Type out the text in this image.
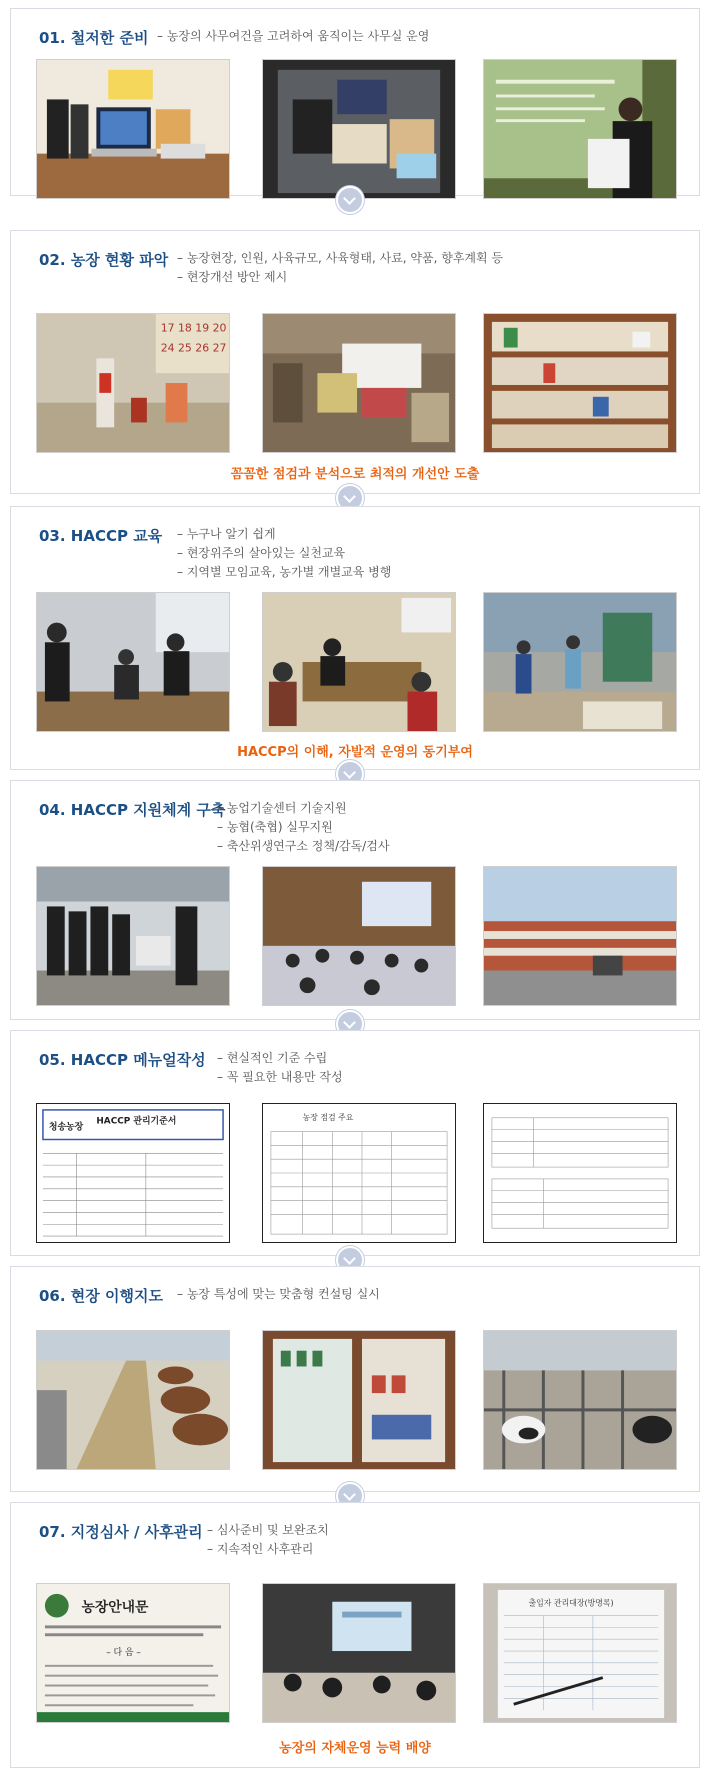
01. 철저한 준비 – 농장의 사무여건을 고려하여 움직이는 사무실 운영
02. 농장 현황 파악 – 농장현장, 인원, 사육규모, 사육형태, 사료, 약품, 향후계획 등
– 현장개선 방안 제시
17 18 19 20
24 25 26 27
꼼꼼한 점검과 분석으로 최적의 개선안 도출
03. HACCP 교육 – 누구나 알기 쉽게
– 현장위주의 살아있는 실천교육
– 지역별 모임교육, 농가별 개별교육 병행
HACCP의 이해, 자발적 운영의 동기부여
04. HACCP 지원체계 구축
– 농업기술센터 기술지원
– 농협(축협) 실무지원
– 축산위생연구소 정책/감독/검사
05. HACCP 메뉴얼작성 – 현실적인 기준 수립
– 꼭 필요한 내용만 작성
청송농장
HACCP 관리기준서	농장 점검 주요
06. 현장 이행지도 – 농장 특성에 맞는 맞춤형 컨설팅 실시
07. 지정심사 / 사후관리 – 심사준비 및 보완조치
– 지속적인 사후관리
농장안내문
– 다 음 –
출입자 관리대장(방명록)
농장의 자체운영 능력 배양
